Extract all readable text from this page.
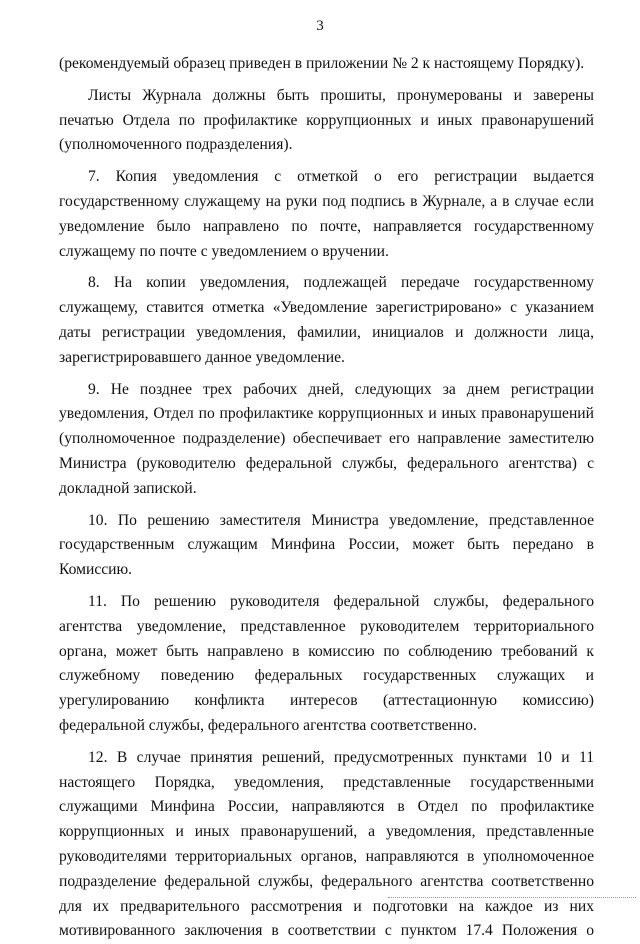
3

(рекомендуемый образец приведен в приложении № 2 к настоящему Порядку).

Листы Журнала должны быть прошиты, пронумерованы и заверены печатью Отдела по профилактике коррупционных и иных правонарушений (уполномоченного подразделения).

7. Копия уведомления с отметкой о его регистрации выдается государственному служащему на руки под подпись в Журнале, а в случае если уведомление было направлено по почте, направляется государственному служащему по почте с уведомлением о вручении.

8. На копии уведомления, подлежащей передаче государственному служащему, ставится отметка «Уведомление зарегистрировано» с указанием даты регистрации уведомления, фамилии, инициалов и должности лица, зарегистрировавшего данное уведомление.

9. Не позднее трех рабочих дней, следующих за днем регистрации уведомления, Отдел по профилактике коррупционных и иных правонарушений (уполномоченное подразделение) обеспечивает его направление заместителю Министра (руководителю федеральной службы, федерального агентства) с докладной запиской.

10. По решению заместителя Министра уведомление, представленное государственным служащим Минфина России, может быть передано в Комиссию.

11. По решению руководителя федеральной службы, федерального агентства уведомление, представленное руководителем территориального органа, может быть направлено в комиссию по соблюдению требований к служебному поведению федеральных государственных служащих и урегулированию конфликта интересов (аттестационную комиссию) федеральной службы, федерального агентства соответственно.

12. В случае принятия решений, предусмотренных пунктами 10 и 11 настоящего Порядка, уведомления, представленные государственными служащими Минфина России, направляются в Отдел по профилактике коррупционных и иных правонарушений, а уведомления, представленные руководителями территориальных органов, направляются в уполномоченное подразделение федеральной службы, федерального агентства соответственно для их предварительного рассмотрения и подготовки на каждое из них мотивированного заключения в соответствии с пунктом 17.4 Положения о
